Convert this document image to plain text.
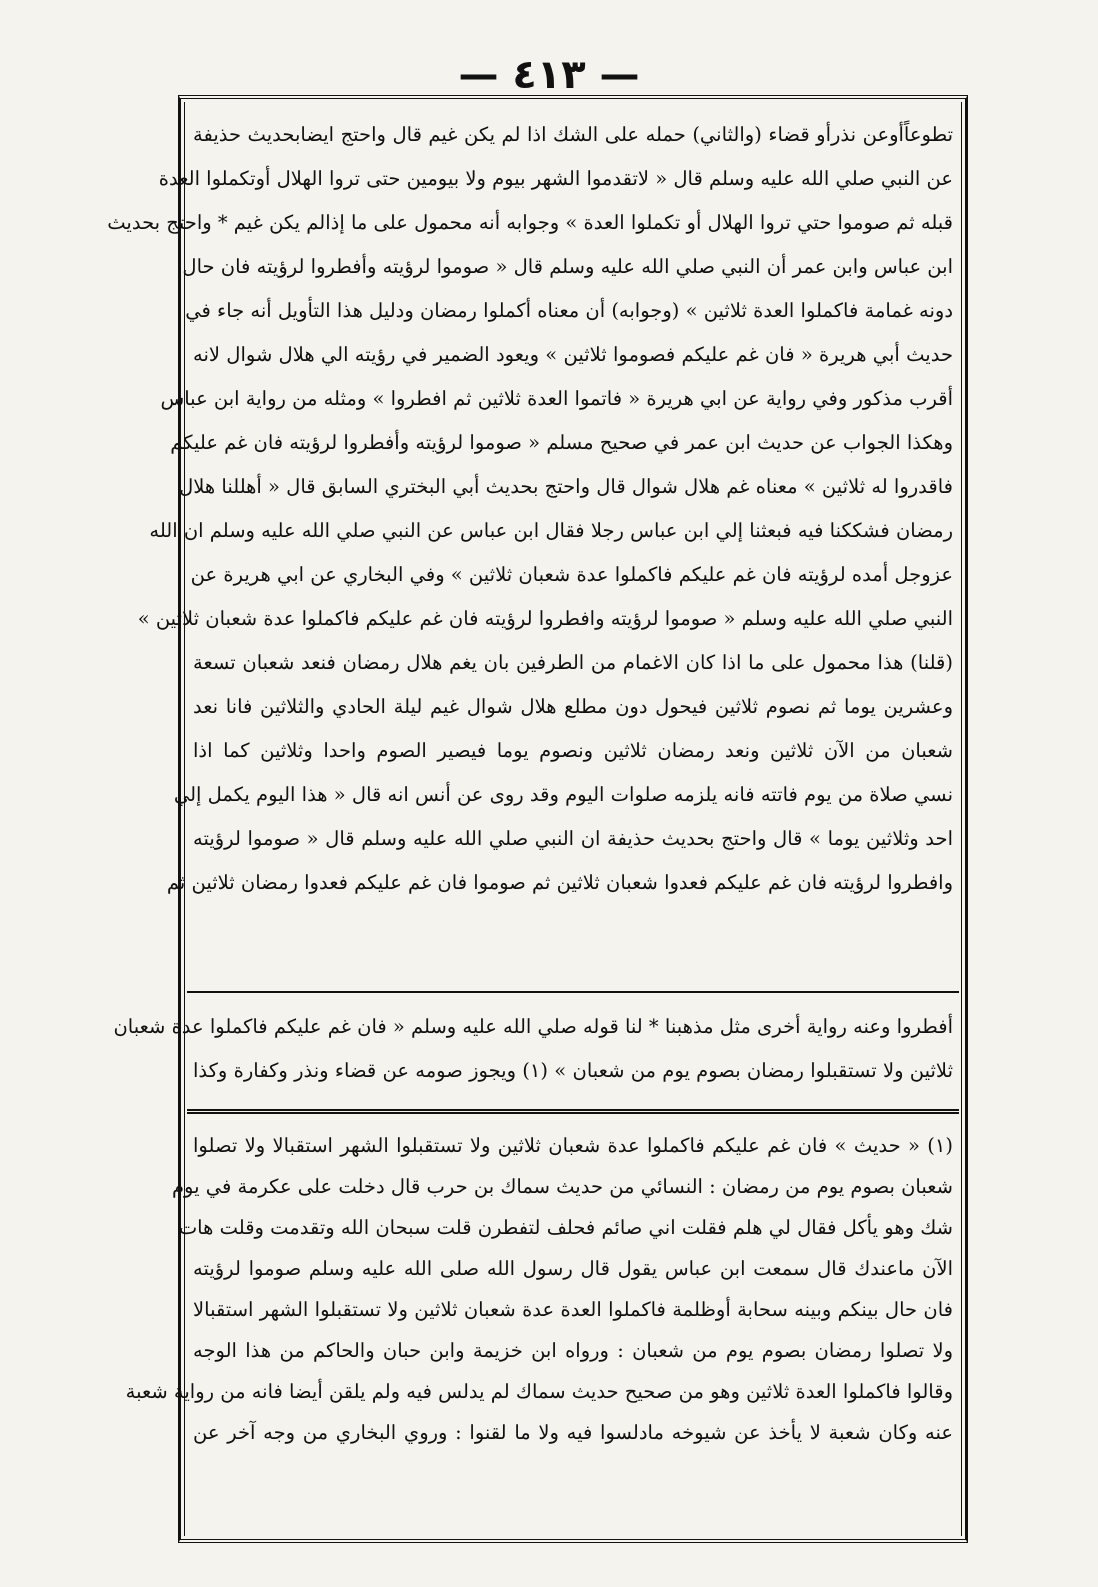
— ٤١٣ —
تطوعاًأوعن نذرأو قضاء (والثاني) حمله على الشك اذا لم يكن غيم قال واحتج ايضابحديث حذيفة
عن النبي صلي الله عليه وسلم قال « لاتقدموا الشهر بيوم ولا بيومين حتى تروا الهلال أوتكملوا العدة
قبله ثم صوموا حتي تروا الهلال أو تكملوا العدة » وجوابه أنه محمول على ما إذالم يكن غيم * واحتج بحديث
ابن عباس وابن عمر أن النبي صلي الله عليه وسلم قال « صوموا لرؤيته وأفطروا لرؤيته فان حال
دونه غمامة فاكملوا العدة ثلاثين » (وجوابه) أن معناه أكملوا رمضان ودليل هذا التأويل أنه جاء في
حديث أبي هريرة « فان غم عليكم فصوموا ثلاثين » ويعود الضمير في رؤيته الي هلال شوال لانه
أقرب مذكور وفي رواية عن ابي هريرة « فاتموا العدة ثلاثين ثم افطروا » ومثله من رواية ابن عباس
وهكذا الجواب عن حديث ابن عمر في صحيح مسلم « صوموا لرؤيته وأفطروا لرؤيته فان غم عليكم
فاقدروا له ثلاثين » معناه غم هلال شوال قال واحتج بحديث أبي البختري السابق قال « أهللنا هلال
رمضان فشككنا فيه فبعثنا إلي ابن عباس رجلا فقال ابن عباس عن النبي صلي الله عليه وسلم ان الله
عزوجل أمده لرؤيته فان غم عليكم فاكملوا عدة شعبان ثلاثين » وفي البخاري عن ابي هريرة عن
النبي صلي الله عليه وسلم « صوموا لرؤيته وافطروا لرؤيته فان غم عليكم فاكملوا عدة شعبان ثلاثين »
(قلنا) هذا محمول على ما اذا كان الاغمام من الطرفين بان يغم هلال رمضان فنعد شعبان تسعة
وعشرين يوما ثم نصوم ثلاثين فيحول دون مطلع هلال شوال غيم ليلة الحادي والثلاثين فانا نعد
شعبان من الآن ثلاثين ونعد رمضان ثلاثين ونصوم يوما فيصير الصوم واحدا وثلاثين كما اذا
نسي صلاة من يوم فاتته فانه يلزمه صلوات اليوم وقد روى عن أنس انه قال « هذا اليوم يكمل إلي
احد وثلاثين يوما » قال واحتج بحديث حذيفة ان النبي صلي الله عليه وسلم قال « صوموا لرؤيته
وافطروا لرؤيته فان غم عليكم فعدوا شعبان ثلاثين ثم صوموا فان غم عليكم فعدوا رمضان ثلاثين ثم
أفطروا وعنه رواية أخرى مثل مذهبنا * لنا قوله صلي الله عليه وسلم « فان غم عليكم فاكملوا عدة شعبان
ثلاثين ولا تستقبلوا رمضان بصوم يوم من شعبان » (١) ويجوز صومه عن قضاء ونذر وكفارة وكذا
(١) « حديث » فان غم عليكم فاكملوا عدة شعبان ثلاثين ولا تستقبلوا الشهر استقبالا ولا تصلوا
شعبان بصوم يوم من رمضان : النسائي من حديث سماك بن حرب قال دخلت على عكرمة في يوم
شك وهو يأكل فقال لي هلم فقلت اني صائم فحلف لتفطرن قلت سبحان الله وتقدمت وقلت هات
الآن ماعندك قال سمعت ابن عباس يقول قال رسول الله صلى الله عليه وسلم صوموا لرؤيته
فان حال بينكم وبينه سحابة أوظلمة فاكملوا العدة عدة شعبان ثلاثين ولا تستقبلوا الشهر استقبالا
ولا تصلوا رمضان بصوم يوم من شعبان : ورواه ابن خزيمة وابن حبان والحاكم من هذا الوجه
وقالوا فاكملوا العدة ثلاثين وهو من صحيح حديث سماك لم يدلس فيه ولم يلقن أيضا فانه من رواية شعبة
عنه وكان شعبة لا يأخذ عن شيوخه مادلسوا فيه ولا ما لقنوا : وروي البخاري من وجه آخر عن
